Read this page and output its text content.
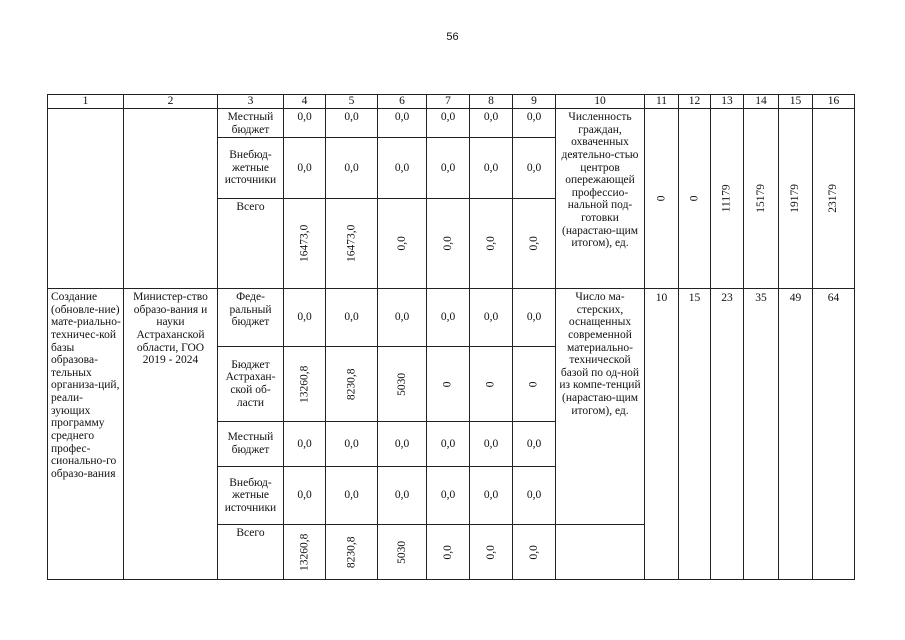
56
1	2	3	4	5	6	7	8	9	10	11	12	13	14	15	16
		Местный бюджет	0,0	0,0	0,0	0,0	0,0	0,0	Численность граждан, охваченных деятельно-стью центров опережающей профессио-нальной под-готовки (нарастаю-щим итогом), ед.	0	0	11179	15179	19179	23179
		Внебюд-жетные источники	0,0	0,0	0,0	0,0	0,0	0,0							
		Всего	16473,0	16473,0	0,0	0,0	0,0	0,0							
Создание (обновле-ние) мате-риально-техничес-кой базы образова-тельных организа-ций, реали-зующих программу среднего профес-сионально-го образо-вания	Министер-ство образо-вания и науки Астраханской области, ГОО 2019 - 2024	Феде-ральный бюджет	0,0	0,0	0,0	0,0	0,0	0,0	Число ма-стерских, оснащенных современной материально-технической базой по од-ной из компе-тенций (нарастаю-щим итогом), ед.	10	15	23	35	49	64
		Бюджет Астрахан-ской об-ласти	13260,8	8230,8	5030	0	0	0							
		Местный бюджет	0,0	0,0	0,0	0,0	0,0	0,0							
		Внебюд-жетные источники	0,0	0,0	0,0	0,0	0,0	0,0							
		Всего	13260,8	8230,8	5030	0,0	0,0	0,0							
